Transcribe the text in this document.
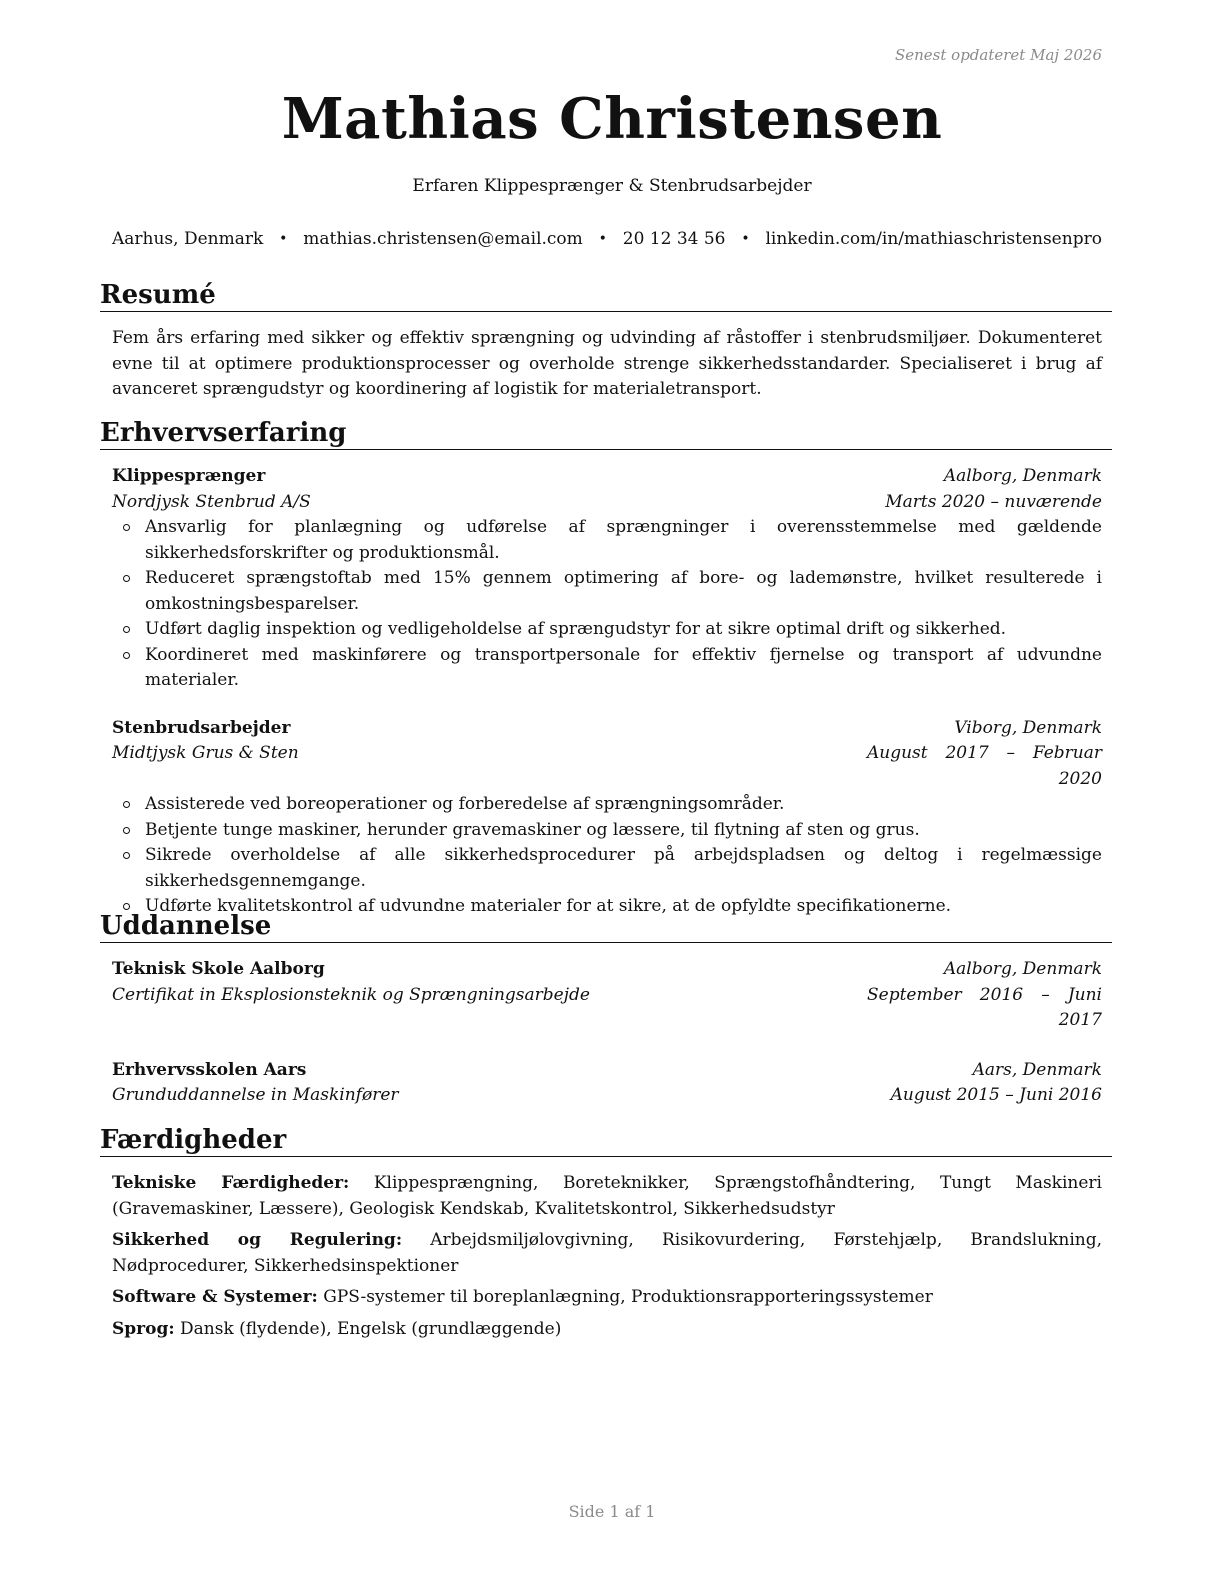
Senest opdateret Maj 2026
Mathias Christensen
Erfaren Klippesprænger & Stenbrudsarbejder
Aarhus, Denmark • mathias.christensen@email.com • 20 12 34 56 • linkedin.com/in/mathiaschristensenpro
Resumé
Fem års erfaring med sikker og effektiv sprængning og udvinding af råstoffer i stenbrudsmiljøer. Dokumenteret evne til at optimere produktionsprocesser og overholde strenge sikkerhedsstandarder. Specialiseret i brug af avanceret sprængudstyr og koordinering af logistik for materialetransport.
Erhvervserfaring
Klippesprænger	Aalborg, Denmark
Nordjysk Stenbrud A/S	Marts 2020 – nuværende
Ansvarlig for planlægning og udførelse af sprængninger i overensstemmelse med gældende sikkerhedsforskrifter og produktionsmål.
Reduceret sprængstoftab med 15% gennem optimering af bore- og lademønstre, hvilket resulterede i omkostningsbesparelser.
Udført daglig inspektion og vedligeholdelse af sprængudstyr for at sikre optimal drift og sikkerhed.
Koordineret med maskinførere og transportpersonale for effektiv fjernelse og transport af udvundne materialer.
Stenbrudsarbejder	Viborg, Denmark
Midtjysk Grus & Sten	August 2017 – Februar 2020
Assisterede ved boreoperationer og forberedelse af sprængningsområder.
Betjente tunge maskiner, herunder gravemaskiner og læssere, til flytning af sten og grus.
Sikrede overholdelse af alle sikkerhedsprocedurer på arbejdspladsen og deltog i regelmæssige sikkerhedsgennemgange.
Udførte kvalitetskontrol af udvundne materialer for at sikre, at de opfyldte specifikationerne.
Uddannelse
Teknisk Skole Aalborg	Aalborg, Denmark
Certifikat in Eksplosionsteknik og Sprængningsarbejde	September 2016 – Juni 2017
Erhvervsskolen Aars	Aars, Denmark
Grunduddannelse in Maskinfører	August 2015 – Juni 2016
Færdigheder
Tekniske Færdigheder: Klippesprængning, Boreteknikker, Sprængstofhåndtering, Tungt Maskineri (Gravemaskiner, Læssere), Geologisk Kendskab, Kvalitetskontrol, Sikkerhedsudstyr
Sikkerhed og Regulering: Arbejdsmiljølovgivning, Risikovurdering, Førstehjælp, Brandslukning, Nødprocedurer, Sikkerhedsinspektioner
Software & Systemer: GPS-systemer til boreplanlægning, Produktionsrapporteringssystemer
Sprog: Dansk (flydende), Engelsk (grundlæggende)
Side 1 af 1
